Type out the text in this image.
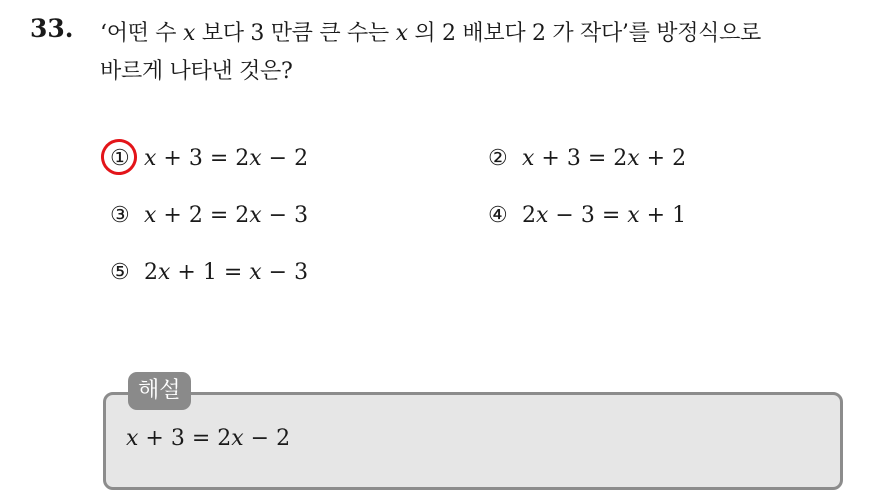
33. ‘어떤 수 x 보다 3 만큼 큰 수는 x 의 2 배보다 2 가 작다’를 방정식으로
바르게 나타낸 것은?
① x + 3 = 2x − 2	② x + 3 = 2x + 2
③ x + 2 = 2x − 3	④ 2x − 3 = x + 1
⑤ 2x + 1 = x − 3
해설
x + 3 = 2x − 2
